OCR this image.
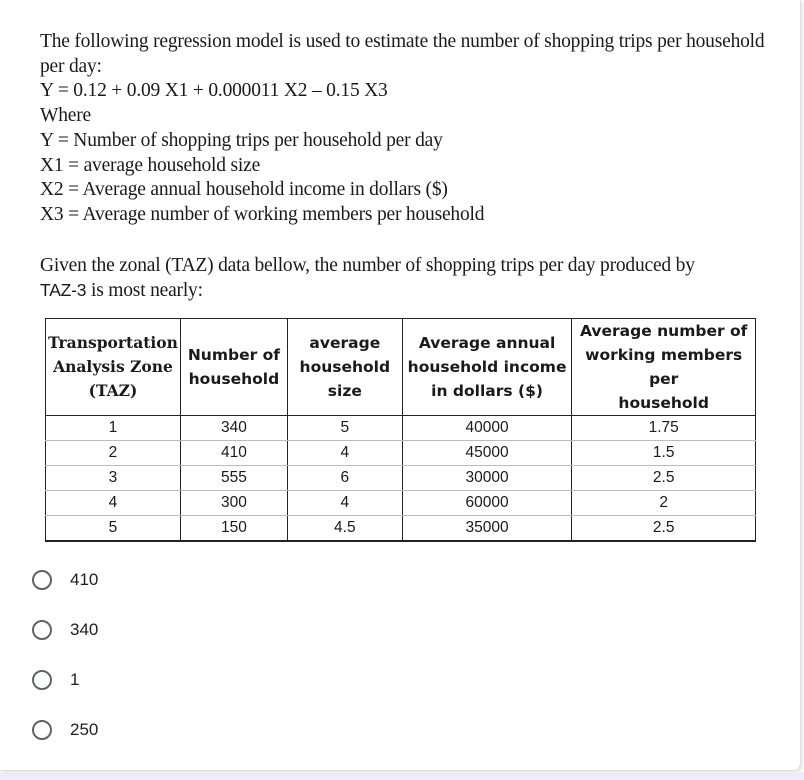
The following regression model is used to estimate the number of shopping trips per household per day:

Y = 0.12 + 0.09 X1 + 0.000011 X2 – 0.15 X3

Where

Y = Number of shopping trips per household per day

X1 = average household size

X2 = Average annual household income in dollars ($)

X3 = Average number of working members per household

Given the zonal (TAZ) data bellow, the number of shopping trips per day produced by
TAZ-3 is most nearly:

Transportation
Analysis Zone
(TAZ)	Number of
household	average
household
size	Average annual
household income
in dollars ($)	Average number of
working members per
household
1	340	5	40000	1.75
2	410	4	45000	1.5
3	555	6	30000	2.5
4	300	4	60000	2
5	150	4.5	35000	2.5
410
340
1
250
